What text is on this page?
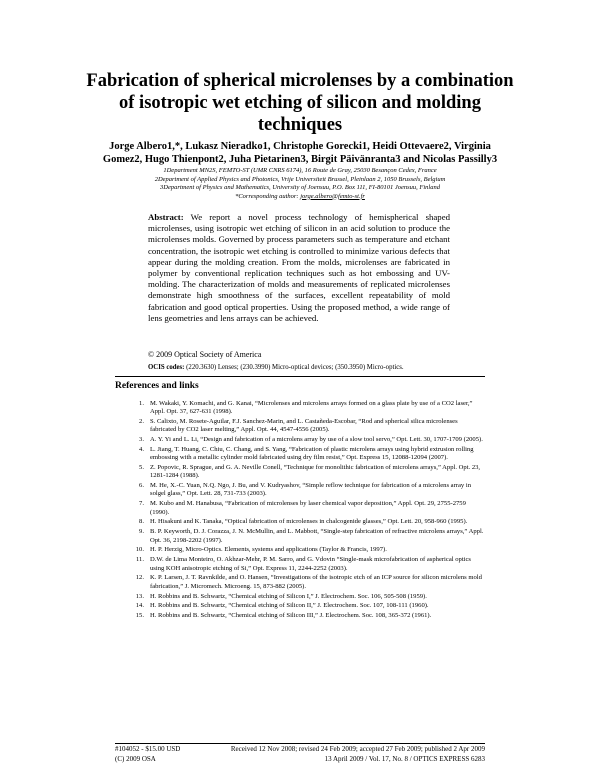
Fabrication of spherical microlenses by a combination of isotropic wet etching of silicon and molding techniques
Jorge Albero1,*, Lukasz Nieradko1, Christophe Gorecki1, Heidi Ottevaere2, Virginia Gomez2, Hugo Thienpont2, Juha Pietarinen3, Birgit Päivänranta3 and Nicolas Passilly3
1Department MN2S, FEMTO-ST (UMR CNRS 6174), 16 Route de Gray, 25030 Besançon Cedex, France
2Department of Applied Physics and Photonics, Vrije Universiteit Brussel, Pleinlaan 2, 1050 Brussels, Belgium
3Department of Physics and Mathematics, University of Joensuu, P.O. Box 111, FI-80101 Joensuu, Finland
*Corresponding author: jorge.albero@femto-st.fr
Abstract: We report a novel process technology of hemispherical shaped microlenses, using isotropic wet etching of silicon in an acid solution to produce the microlenses molds. Governed by process parameters such as temperature and etchant concentration, the isotropic wet etching is controlled to minimize various defects that appear during the molding creation. From the molds, microlenses are fabricated in polymer by conventional replication techniques such as hot embossing and UV-molding. The characterization of molds and measurements of replicated microlenses demonstrate high smoothness of the surfaces, excellent repeatability of mold fabrication and good optical properties. Using the proposed method, a wide range of lens geometries and lens arrays can be achieved.
© 2009 Optical Society of America
OCIS codes: (220.3630) Lenses; (230.3990) Micro-optical devices; (350.3950) Micro-optics.
References and links
1. M. Wakaki, Y. Komachi, and G. Kanai, “Microlenses and microlens arrays formed on a glass plate by use of a CO2 laser,” Appl. Opt. 37, 627-631 (1998).
2. S. Calixto, M. Rosete-Aguilar, F.J. Sanchez-Marin, and L. Castañeda-Escobar, “Rod and spherical silica microlenses fabricated by CO2 laser melting,” Appl. Opt. 44, 4547-4556 (2005).
3. A. Y. Yi and L. Li, “Design and fabrication of a microlens array by use of a slow tool servo,” Opt. Lett. 30, 1707-1709 (2005).
4. L. Jiang, T. Huang, C. Chiu, C. Chang, and S. Yang, “Fabrication of plastic microlens arrays using hybrid extrusion rolling embossing with a metallic cylinder mold fabricated using dry film resist,” Opt. Express 15, 12088-12094 (2007).
5. Z. Popovic, R. Sprague, and G. A. Neville Conell, “Technique for monolithic fabrication of microlens arrays,” Appl. Opt. 23, 1281-1284 (1988).
6. M. He, X.-C. Yuan, N.Q. Ngo, J. Bu, and V. Kudryashov, “Simple reflow technique for fabrication of a microlens array in solgel glass,” Opt. Lett. 28, 731-733 (2003).
7. M. Kubo and M. Hanabusa, “Fabrication of microlenses by laser chemical vapor deposition,” Appl. Opt. 29, 2755-2759 (1990).
8. H. Hisakuni and K. Tanaka, “Optical fabrication of microlenses in chalcogenide glasses,” Opt. Lett. 20, 958-960 (1995).
9. B. P. Keyworth, D. J. Corazza, J. N. McMullin, and L. Mabbott, “Single-step fabrication of refractive microlens arrays,” Appl. Opt. 36, 2198-2202 (1997).
10. H. P. Herzig, Micro-Optics. Elements, systems and applications (Taylor & Francis, 1997).
11. D.W. de Lima Monteiro, O. Akhzar-Mehr, P. M. Sarro, and G. Vdovin “Single-mask microfabrication of aspherical optics using KOH anisotropic etching of Si,” Opt. Express 11, 2244-2252 (2003).
12. K. P. Larsen, J. T. Ravnkilde, and O. Hansen, “Investigations of the isotropic etch of an ICP source for silicon microlens mold fabrication,” J. Micromech. Microeng. 15, 873-882 (2005).
13. H. Robbins and B. Schwartz, “Chemical etching of Silicon I,” J. Electrochem. Soc. 106, 505-508 (1959).
14. H. Robbins and B. Schwartz, “Chemical etching of Silicon II,” J. Electrochem. Soc. 107, 108-111 (1960).
15. H. Robbins and B. Schwartz, “Chemical etching of Silicon III,” J. Electrochem. Soc. 108, 365-372 (1961).
#104052 - $15.00 USD	Received 12 Nov 2008; revised 24 Feb 2009; accepted 27 Feb 2009; published 2 Apr 2009
(C) 2009 OSA	13 April 2009 / Vol. 17, No. 8 / OPTICS EXPRESS 6283
